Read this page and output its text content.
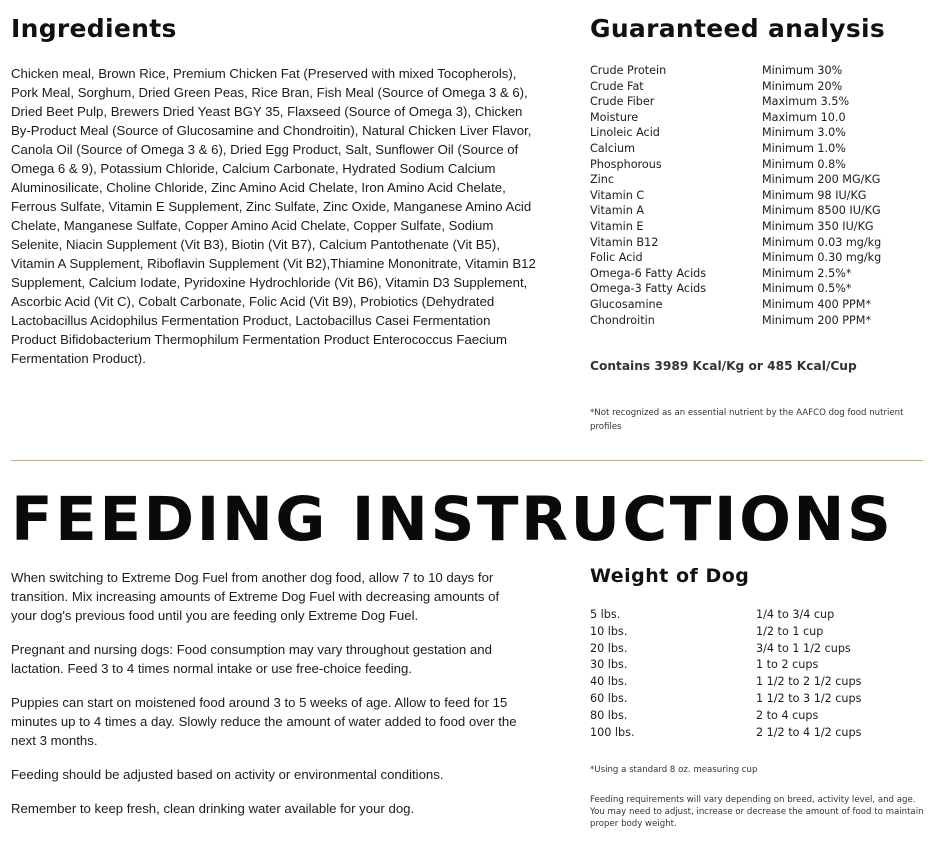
Ingredients

Chicken meal, Brown Rice, Premium Chicken Fat (Preserved with mixed Tocopherols), Pork Meal, Sorghum, Dried Green Peas, Rice Bran, Fish Meal (Source of Omega 3 & 6), Dried Beet Pulp, Brewers Dried Yeast BGY 35, Flaxseed (Source of Omega 3), Chicken By-Product Meal (Source of Glucosamine and Chondroitin), Natural Chicken Liver Flavor, Canola Oil (Source of Omega 3 & 6), Dried Egg Product, Salt, Sunflower Oil (Source of Omega 6 & 9), Potassium Chloride, Calcium Carbonate, Hydrated Sodium Calcium Aluminosilicate, Choline Chloride, Zinc Amino Acid Chelate, Iron Amino Acid Chelate, Ferrous Sulfate, Vitamin E Supplement, Zinc Sulfate, Zinc Oxide, Manganese Amino Acid Chelate, Manganese Sulfate, Copper Amino Acid Chelate, Copper Sulfate, Sodium Selenite, Niacin Supplement (Vit B3), Biotin (Vit B7), Calcium Pantothenate (Vit B5), Vitamin A Supplement, Riboflavin Supplement (Vit B2),Thiamine Mononitrate, Vitamin B12 Supplement, Calcium Iodate, Pyridoxine Hydrochloride (Vit B6), Vitamin D3 Supplement, Ascorbic Acid (Vit C), Cobalt Carbonate, Folic Acid (Vit B9), Probiotics (Dehydrated Lactobacillus Acidophilus Fermentation Product, Lactobacillus Casei Fermentation Product Bifidobacterium Thermophilum Fermentation Product Enterococcus Faecium Fermentation Product).

Guaranteed analysis
Crude Protein	Minimum 30%
Crude Fat	Minimum 20%
Crude Fiber	Maximum 3.5%
Moisture	Maximum 10.0
Linoleic Acid	Minimum 3.0%
Calcium	Minimum 1.0%
Phosphorous	Minimum 0.8%
Zinc	Minimum 200 MG/KG
Vitamin C	Minimum 98 IU/KG
Vitamin A	Minimum 8500 IU/KG
Vitamin E	Minimum 350 IU/KG
Vitamin B12	Minimum 0.03 mg/kg
Folic Acid	Minimum 0.30 mg/kg
Omega-6 Fatty Acids	Minimum 2.5%*
Omega-3 Fatty Acids	Minimum 0.5%*
Glucosamine	Minimum 400 PPM*
Chondroitin	Minimum 200 PPM*

Contains 3989 Kcal/Kg or 485 Kcal/Cup

*Not recognized as an essential nutrient by the AAFCO dog food nutrient profiles

FEEDING INSTRUCTIONS

When switching to Extreme Dog Fuel from another dog food, allow 7 to 10 days for transition. Mix increasing amounts of Extreme Dog Fuel with decreasing amounts of your dog's previous food until you are feeding only Extreme Dog Fuel.

Pregnant and nursing dogs: Food consumption may vary throughout gestation and lactation. Feed 3 to 4 times normal intake or use free-choice feeding.

Puppies can start on moistened food around 3 to 5 weeks of age. Allow to feed for 15 minutes up to 4 times a day. Slowly reduce the amount of water added to food over the next 3 months.

Feeding should be adjusted based on activity or environmental conditions.

Remember to keep fresh, clean drinking water available for your dog.

Weight of Dog
5 lbs.	1/4 to 3/4 cup
10 lbs.	1/2 to 1 cup
20 lbs.	3/4 to 1 1/2 cups
30 lbs.	1 to 2 cups
40 lbs.	1 1/2 to 2 1/2 cups
60 lbs.	1 1/2 to 3 1/2 cups
80 lbs.	2 to 4 cups
100 lbs.	2 1/2 to 4 1/2 cups

*Using a standard 8 oz. measuring cup

Feeding requirements will vary depending on breed, activity level, and age. You may need to adjust, increase or decrease the amount of food to maintain proper body weight.
